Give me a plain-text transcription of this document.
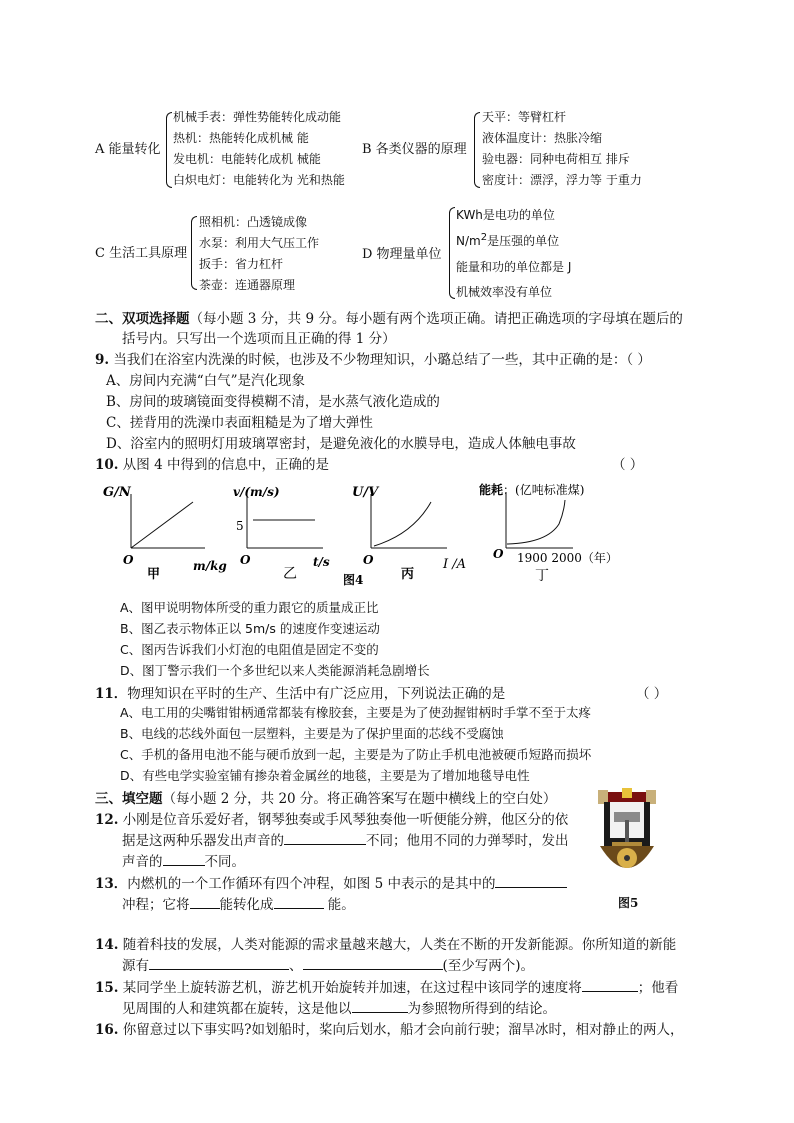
A 能量转化
机械手表：弹性势能转化成动能
热机：热能转化成机械 能
发电机：电能转化成机 械能
白炽电灯：电能转化为 光和热能
B 各类仪器的原理
天平：等臂杠杆
液体温度计：热胀冷缩
验电器：同种电荷相互 排斥
密度计：漂浮，浮力等 于重力
C 生活工具原理
照相机：凸透镜成像
水泵：利用大气压工作
扳手：省力杠杆
茶壶：连通器原理
D 物理量单位
KWh是电功的单位
$N/m^2$是压强的单位
能量和功的单位都是 J
机械效率没有单位
二、双项选择题（每小题 3 分，共 9 分。每小题有两个选项正确。请把正确选项的字母填在题后的
括号内。只写出一个选项而且正确的得 1 分）
9. 当我们在浴室内洗澡的时候，也涉及不少物理知识，小璐总结了一些，其中正确的是：（ ）
A、房间内充满“白气”是汽化现象
B、房间的玻璃镜面变得模糊不清，是水蒸气液化造成的
C、搓背用的洗澡巾表面粗糙是为了增大弹性
D、浴室内的照明灯用玻璃罩密封，是避免液化的水膜导电，造成人体触电事故
10. 从图 4 中得到的信息中，正确的是	（ ）
G/N
O
甲
m/kg
v/(m/s)
5
O
乙
t/s
U/V
O
图4	丙
I /A
能耗：(亿吨标准煤)
O 1900 2000（年）
丁
A、图甲说明物体所受的重力跟它的质量成正比
B、图乙表示物体正以 5m/s 的速度作变速运动
C、图丙告诉我们小灯泡的电阻值是固定不变的
D、图丁警示我们一个多世纪以来人类能源消耗急剧增长
11．物理知识在平时的生产、生活中有广泛应用，下列说法正确的是	（ ）
A、电工用的尖嘴钳钳柄通常都装有橡胶套，主要是为了使劲握钳柄时手掌不至于太疼
B、电线的芯线外面包一层塑料，主要是为了保护里面的芯线不受腐蚀
C、手机的备用电池不能与硬币放到一起，主要是为了防止手机电池被硬币短路而损坏
D、有些电学实验室铺有掺杂着金属丝的地毯，主要是为了增加地毯导电性
三、填空题（每小题 2 分，共 20 分。将正确答案写在题中横线上的空白处）
12. 小刚是位音乐爱好者，钢琴独奏或手风琴独奏他一听便能分辨，他区分的依
据是这两种乐器发出声音的	不同；他用不同的力弹琴时，发出
声音的	不同。
13．内燃机的一个工作循环有四个冲程，如图 5 中表示的是其中的
冲程；它将 能转化成	能。	图5
14. 随着科技的发展，人类对能源的需求量越来越大，人类在不断的开发新能源。你所知道的新能
源有	、	(至少写两个)。
15. 某同学坐上旋转游艺机，游艺机开始旋转并加速，在这过程中该同学的速度将	；他看
见周围的人和建筑都在旋转，这是他以	为参照物所得到的结论。
16. 你留意过以下事实吗?如划船时，桨向后划水，船才会向前行驶；溜旱冰时，相对静止的两人，
